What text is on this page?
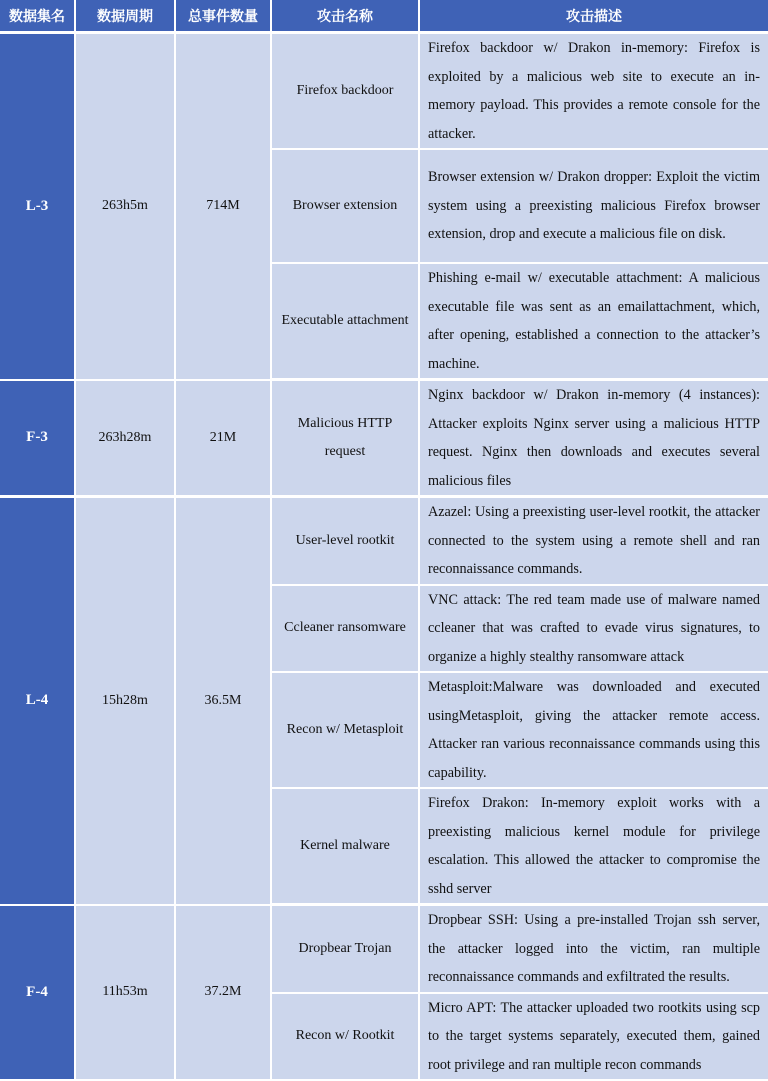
数据集名	数据周期	总事件数量	攻击名称	攻击描述
L-3	263h5m	714M	Firefox backdoor	Firefox backdoor w/ Drakon in-memory: Firefox is exploited by a malicious web site to execute an in-memory payload. This provides a remote console for the attacker.
			Browser extension	Browser extension w/ Drakon dropper: Exploit the victim system using a preexisting malicious Firefox browser extension, drop and execute a malicious file on disk.
			Executable attachment	Phishing e-mail w/ executable attachment: A malicious executable file was sent as an emailattachment, which, after opening, established a connection to the attacker’s machine.
F-3	263h28m	21M	Malicious HTTP request	Nginx backdoor w/ Drakon in-memory (4 instances): Attacker exploits Nginx server using a malicious HTTP request. Nginx then downloads and executes several malicious files
L-4	15h28m	36.5M	User-level rootkit	Azazel: Using a preexisting user-level rootkit, the attacker connected to the system using a remote shell and ran reconnaissance commands.
			Ccleaner ransomware	VNC attack: The red team made use of malware named ccleaner that was crafted to evade virus signatures, to organize a highly stealthy ransomware attack
			Recon w/ Metasploit	Metasploit:Malware was downloaded and executed usingMetasploit, giving the attacker remote access. Attacker ran various reconnaissance commands using this capability.
			Kernel malware	Firefox Drakon: In-memory exploit works with a preexisting malicious kernel module for privilege escalation. This allowed the attacker to compromise the sshd server
F-4	11h53m	37.2M	Dropbear Trojan	Dropbear SSH: Using a pre-installed Trojan ssh server, the attacker logged into the victim, ran multiple reconnaissance commands and exfiltrated the results.
			Recon w/ Rootkit	Micro APT: The attacker uploaded two rootkits using scp to the target systems separately, executed them, gained root privilege and ran multiple recon commands
